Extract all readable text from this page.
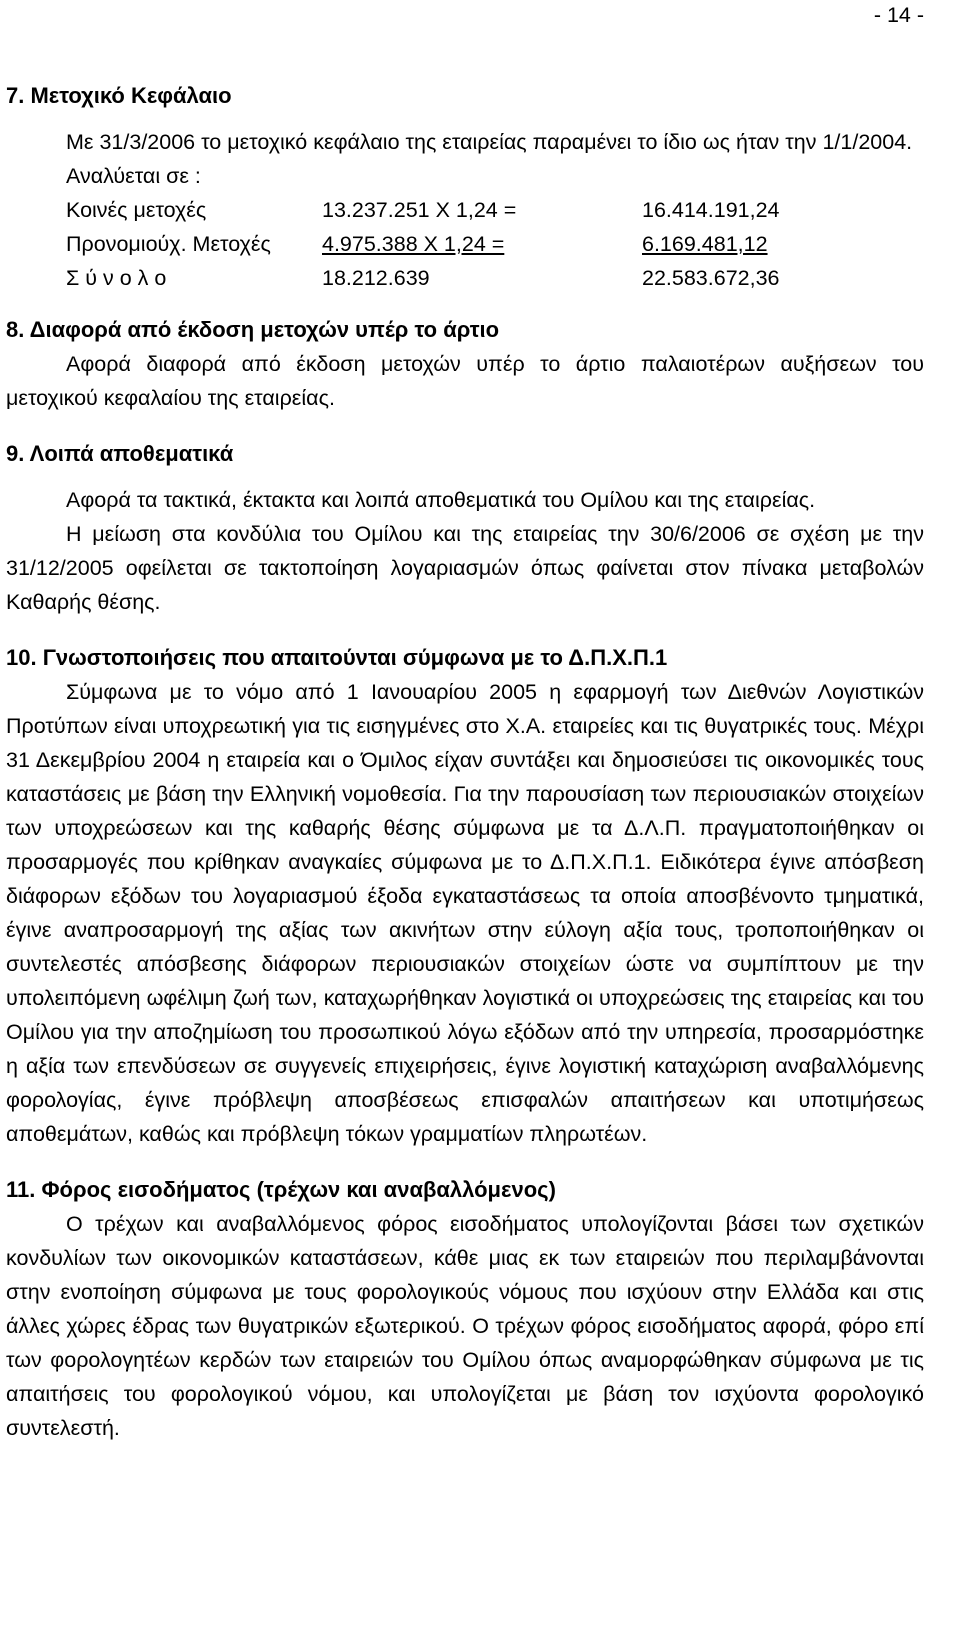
- 14 -
7. Μετοχικό Κεφάλαιο

Με 31/3/2006 το μετοχικό κεφάλαιο της εταιρείας παραμένει το ίδιο ως ήταν την 1/1/2004.

Αναλύεται σε :

Κοινές μετοχές	13.237.251 Χ 1,24 =	16.414.191,24
Προνομιούχ. Μετοχές 4.975.388 Χ 1,24 =	6.169.481,12
Σ ύ ν ο λ ο	18.212.639	22.583.672,36
8. Διαφορά από έκδοση μετοχών υπέρ το άρτιο

Αφορά διαφορά από έκδοση μετοχών υπέρ το άρτιο παλαιοτέρων αυξήσεων του μετοχικού κεφαλαίου της εταιρείας.

9. Λοιπά αποθεματικά

Αφορά τα τακτικά, έκτακτα και λοιπά αποθεματικά του Ομίλου και της εταιρείας.

Η μείωση στα κονδύλια του Ομίλου και της εταιρείας την 30/6/2006 σε σχέση με την 31/12/2005 οφείλεται σε τακτοποίηση λογαριασμών όπως φαίνεται στον πίνακα μεταβολών Καθαρής θέσης.

10. Γνωστοποιήσεις που απαιτούνται σύμφωνα με το Δ.Π.Χ.Π.1

Σύμφωνα με το νόμο από 1 Ιανουαρίου 2005 η εφαρμογή των Διεθνών Λογιστικών Προτύπων είναι υποχρεωτική για τις εισηγμένες στο Χ.Α. εταιρείες και τις θυγατρικές τους. Μέχρι 31 Δεκεμβρίου 2004 η εταιρεία και ο Όμιλος είχαν συντάξει και δημοσιεύσει τις οικονομικές τους καταστάσεις με βάση την Ελληνική νομοθεσία. Για την παρουσίαση των περιουσιακών στοιχείων των υποχρεώσεων και της καθαρής θέσης σύμφωνα με τα Δ.Λ.Π. πραγματοποιήθηκαν οι προσαρμογές που κρίθηκαν αναγκαίες σύμφωνα με το Δ.Π.Χ.Π.1. Ειδικότερα έγινε απόσβεση διάφορων εξόδων του λογαριασμού έξοδα εγκαταστάσεως τα οποία αποσβένοντο τμηματικά, έγινε αναπροσαρμογή της αξίας των ακινήτων στην εύλογη αξία τους, τροποποιήθηκαν οι συντελεστές απόσβεσης διάφορων περιουσιακών στοιχείων ώστε να συμπίπτουν με την υπολειπόμενη ωφέλιμη ζωή των, καταχωρήθηκαν λογιστικά οι υποχρεώσεις της εταιρείας και του Ομίλου για την αποζημίωση του προσωπικού λόγω εξόδων από την υπηρεσία, προσαρμόστηκε η αξία των επενδύσεων σε συγγενείς επιχειρήσεις, έγινε λογιστική καταχώριση αναβαλλόμενης φορολογίας, έγινε πρόβλεψη αποσβέσεως επισφαλών απαιτήσεων και υποτιμήσεως αποθεμάτων, καθώς και πρόβλεψη τόκων γραμματίων πληρωτέων.

11. Φόρος εισοδήματος (τρέχων και αναβαλλόμενος)

Ο τρέχων και αναβαλλόμενος φόρος εισοδήματος υπολογίζονται βάσει των σχετικών κονδυλίων των οικονομικών καταστάσεων, κάθε μιας εκ των εταιρειών που περιλαμβάνονται στην ενοποίηση σύμφωνα με τους φορολογικούς νόμους που ισχύουν στην Ελλάδα και στις άλλες χώρες έδρας των θυγατρικών εξωτερικού. Ο τρέχων φόρος εισοδήματος αφορά, φόρο επί των φορολογητέων κερδών των εταιρειών του Ομίλου όπως αναμορφώθηκαν σύμφωνα με τις απαιτήσεις του φορολογικού νόμου, και υπολογίζεται με βάση τον ισχύοντα φορολογικό συντελεστή.
